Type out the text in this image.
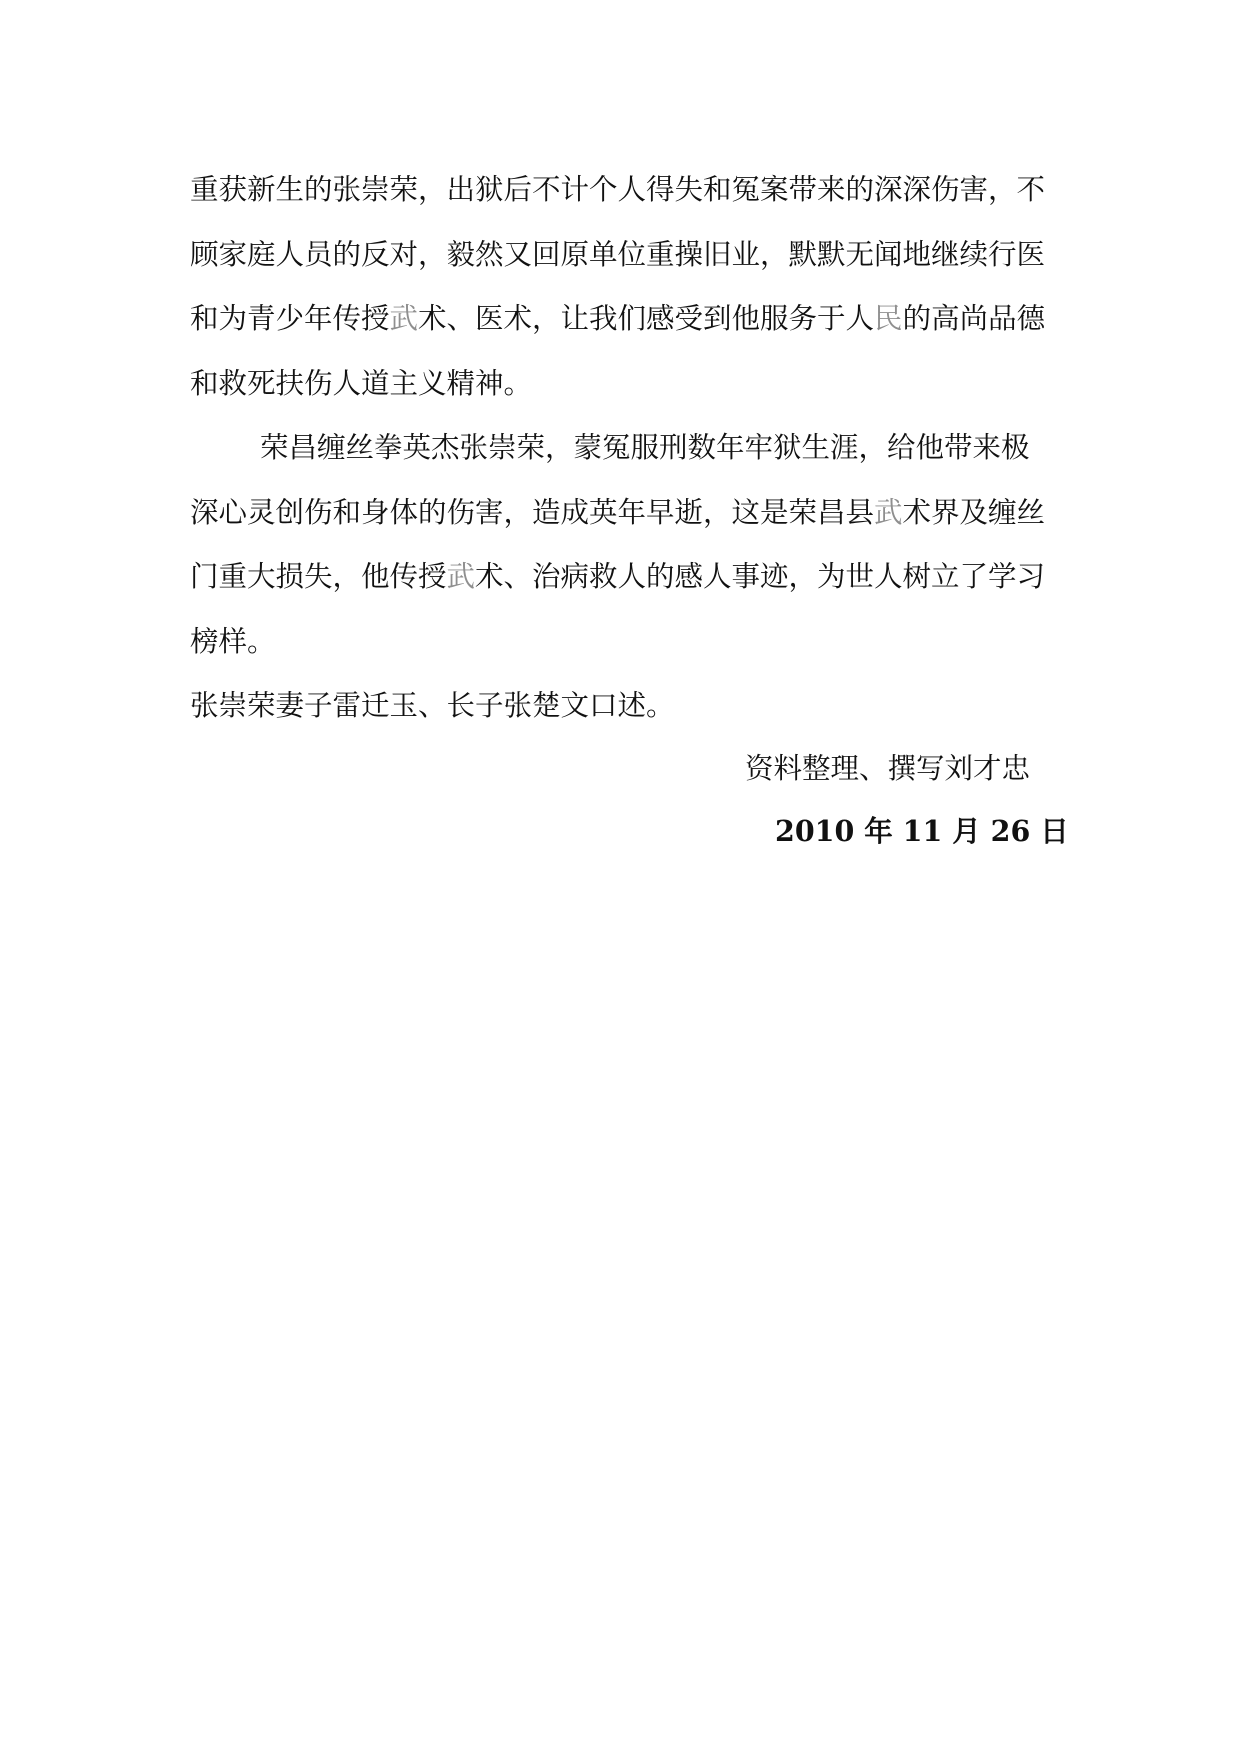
重获新生的张崇荣，出狱后不计个人得失和冤案带来的深深伤害，不
顾家庭人员的反对，毅然又回原单位重操旧业，默默无闻地继续行医
和为青少年传授武术、医术，让我们感受到他服务于人民的高尚品德
和救死扶伤人道主义精神。
荣昌缠丝拳英杰张崇荣，蒙冤服刑数年牢狱生涯，给他带来极
深心灵创伤和身体的伤害，造成英年早逝，这是荣昌县武术界及缠丝
门重大损失，他传授武术、治病救人的感人事迹，为世人树立了学习
榜样。
张崇荣妻子雷迁玉、长子张楚文口述。
资料整理、撰写刘才忠
2010 年 11 月 26 日
